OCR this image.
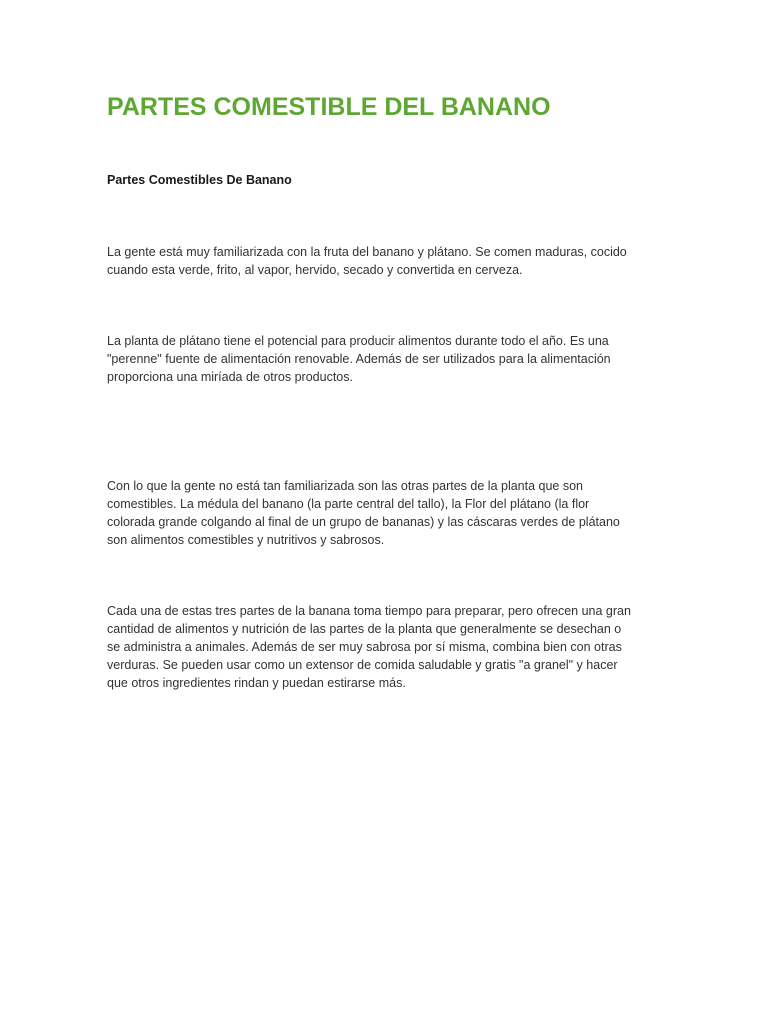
PARTES COMESTIBLE DEL BANANO
Partes Comestibles De Banano

La gente está muy familiarizada con la fruta del banano y plátano. Se comen maduras, cocido
cuando esta verde, frito, al vapor, hervido, secado y convertida en cerveza.

La planta de plátano tiene el potencial para producir alimentos durante todo el año. Es una
"perenne" fuente de alimentación renovable. Además de ser utilizados para la alimentación
proporciona una miríada de otros productos.

Con lo que la gente no está tan familiarizada son las otras partes de la planta que son
comestibles. La médula del banano (la parte central del tallo), la Flor del plátano (la flor
colorada grande colgando al final de un grupo de bananas) y las cáscaras verdes de plátano
son alimentos comestibles y nutritivos y sabrosos.

Cada una de estas tres partes de la banana toma tiempo para preparar, pero ofrecen una gran
cantidad de alimentos y nutrición de las partes de la planta que generalmente se desechan o
se administra a animales. Además de ser muy sabrosa por sí misma, combina bien con otras
verduras. Se pueden usar como un extensor de comida saludable y gratis "a granel" y hacer
que otros ingredientes rindan y puedan estirarse más.
